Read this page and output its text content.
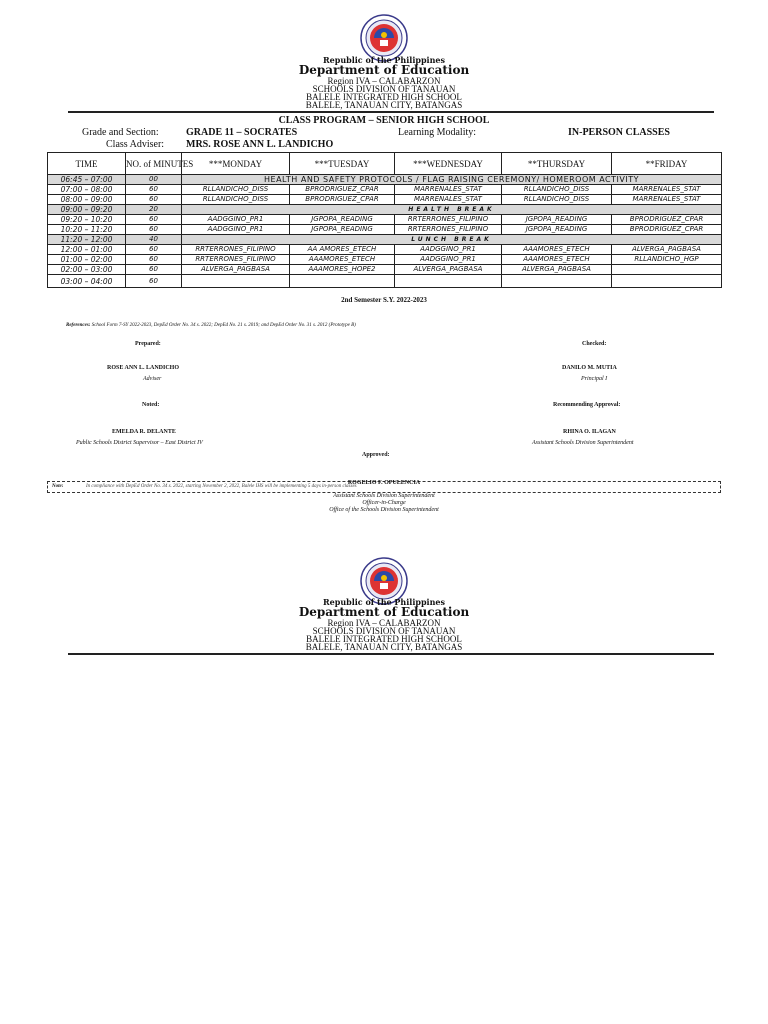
Republic of the Philippines
Department of Education
Region IVA – CALABARZON
SCHOOLS DIVISION OF TANAUAN
BALELE INTEGRATED HIGH SCHOOL
BALELE, TANAUAN CITY, BATANGAS
CLASS PROGRAM – SENIOR HIGH SCHOOL
Grade and Section:	GRADE 11 – SOCRATES	Learning Modality:	IN-PERSON CLASSES
Class Adviser: MRS. ROSE ANN L. LANDICHO
TIME	NO. of MINUTES	***MONDAY	***TUESDAY	***WEDNESDAY	**THURSDAY	**FRIDAY
06:45 – 07:00	00	HEALTH AND SAFETY PROTOCOLS / FLAG RAISING CEREMONY/ HOMEROOM ACTIVITY				
07:00 – 08:00	60	RLLANDICHO_DISS	BPRODRIGUEZ_CPAR	MARRENALES_STAT	RLLANDICHO_DISS	MARRENALES_STAT
08:00 – 09:00	60	RLLANDICHO_DISS	BPRODRIGUEZ_CPAR	MARRENALES_STAT	RLLANDICHO_DISS	MARRENALES_STAT
09:00 – 09:20	20	HEALTH BREAK				
09:20 – 10:20	60	AADGGINO_PR1	JGPOPA_READING	RRTERRONES_FILIPINO	JGPOPA_READING	BPRODRIGUEZ_CPAR
10:20 – 11:20	60	AADGGINO_PR1	JGPOPA_READING	RRTERRONES_FILIPINO	JGPOPA_READING	BPRODRIGUEZ_CPAR
11:20 – 12:00	40	LUNCH BREAK				
12:00 – 01:00	60	RRTERRONES_FILIPINO	AA AMORES_ETECH	AADGGINO_PR1	AAAMORES_ETECH	ALVERGA_PAGBASA
01:00 – 02:00	60	RRTERRONES_FILIPINO	AAAMORES_ETECH	AADGGINO_PR1	AAAMORES_ETECH	RLLANDICHO_HGP
02:00 – 03:00	60	ALVERGA_PAGBASA	AAAMORES_HOPE2	ALVERGA_PAGBASA	ALVERGA_PAGBASA	
03:00 – 04:00	60					
2nd Semester S.Y. 2022-2023
References: School Form 7-SY 2022-2023, DepEd Order No. 34 s. 2022; DepEd No. 21 s. 2019; and DepEd Order No. 31 s. 2012 (Prototype B)
Prepared:	Checked:
ROSE ANN L. LANDICHO
Adviser
DANILO M. MUTIA
Principal I
Noted:	Recommending Approval:
EMELDA R. DELANTE
Public Schools District Supervisor – East District IV
RHINA O. ILAGAN
Assistant Schools Division Superintendent
Approved:
Note:	In compliance with DepEd Order No. 34 s. 2022, starting November 2, 2022, Balele IHS will be implementing 5 days in-person classes
ROGELIO F. OPULENCIA
Assistant Schools Division Superintendent
Officer-in-Charge
Office of the Schools Division Superintendent
Republic of the Philippines
Department of Education
Region IVA – CALABARZON
SCHOOLS DIVISION OF TANAUAN
BALELE INTEGRATED HIGH SCHOOL
BALELE, TANAUAN CITY, BATANGAS
